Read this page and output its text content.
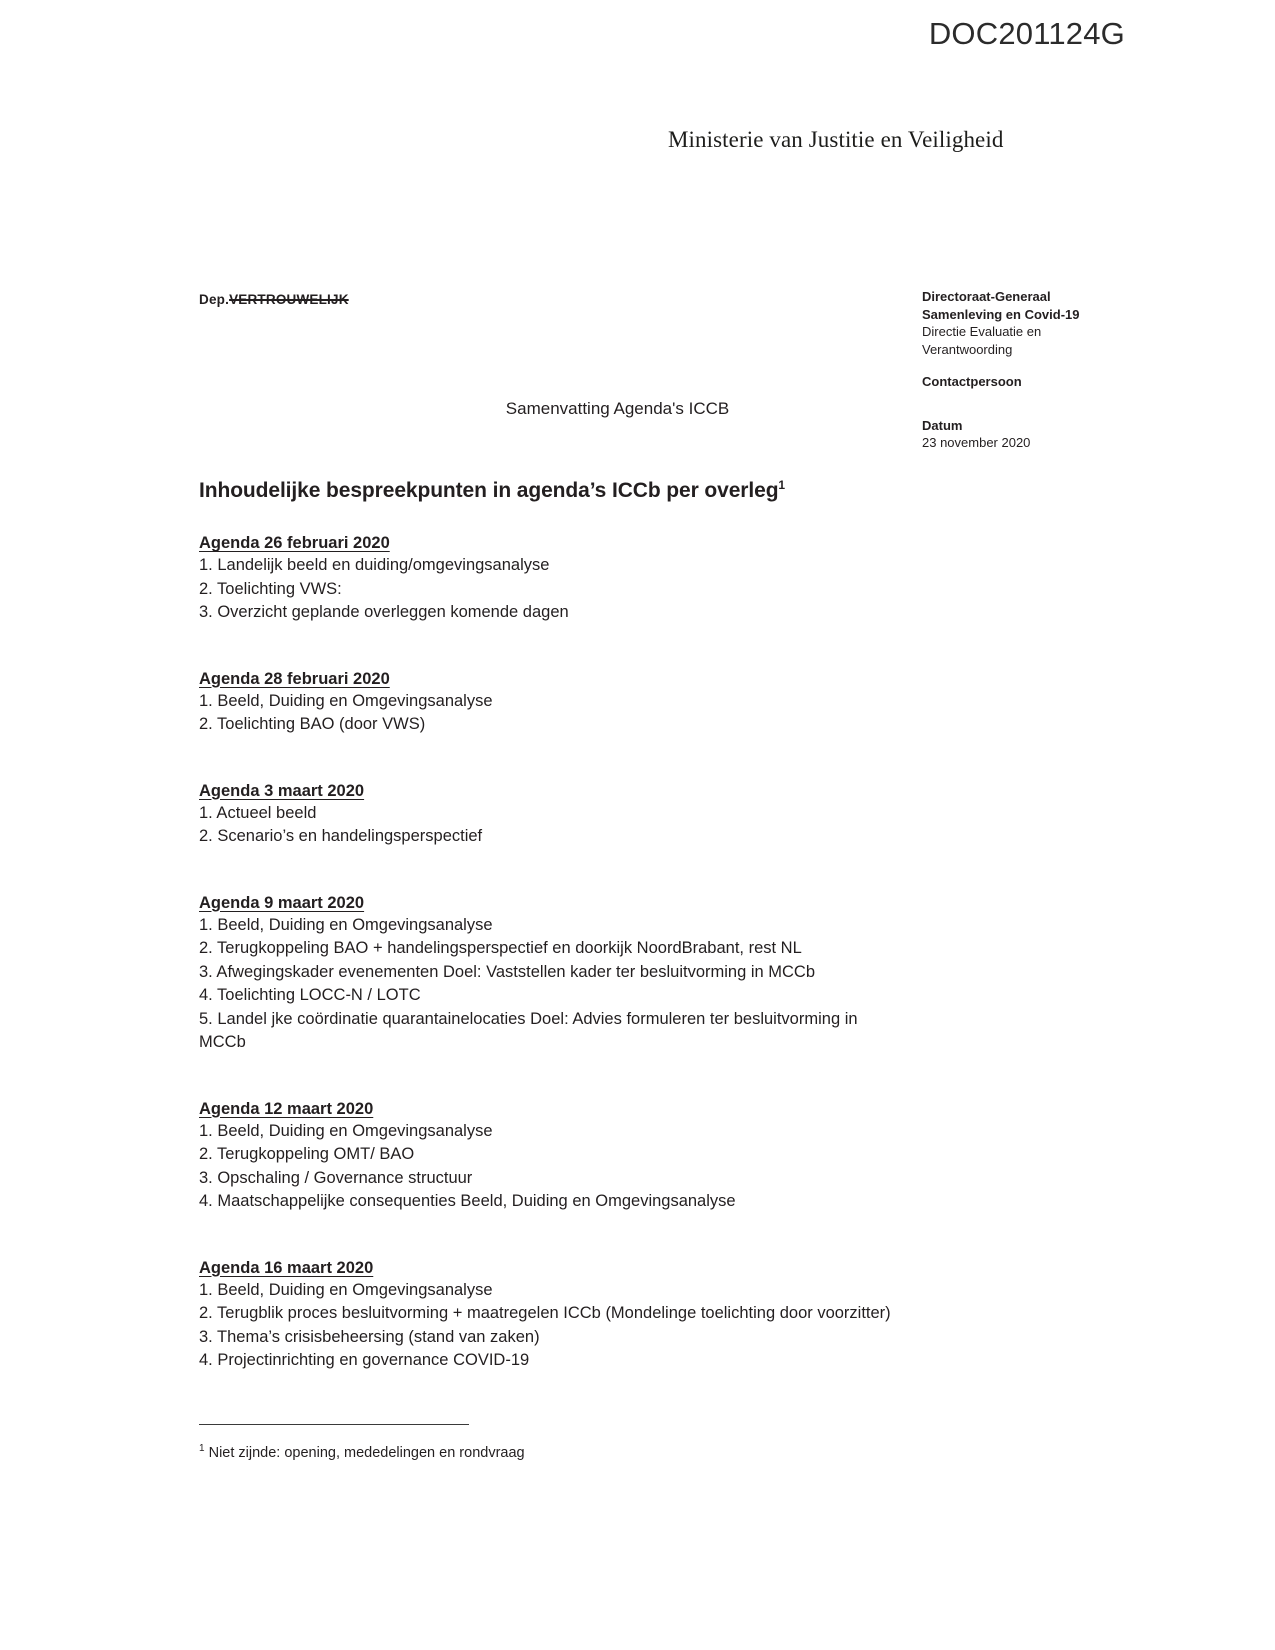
DOC201124G
Ministerie van Justitie en Veiligheid
Dep.VERTROUWELIJK	Directoraat-Generaal
Samenleving en Covid-19
Directie Evaluatie en
Verantwoording
Contactpersoon
Datum
23 november 2020
Samenvatting Agenda's ICCB
Inhoudelijke bespreekpunten in agenda’s ICCb per overleg$^1$
Agenda 26 februari 2020
1. Landelijk beeld en duiding/omgevingsanalyse
2. Toelichting VWS:
3. Overzicht geplande overleggen komende dagen
Agenda 28 februari 2020
1. Beeld, Duiding en Omgevingsanalyse
2. Toelichting BAO (door VWS)
Agenda 3 maart 2020
1. Actueel beeld
2. Scenario’s en handelingsperspectief
Agenda 9 maart 2020
1. Beeld, Duiding en Omgevingsanalyse
2. Terugkoppeling BAO + handelingsperspectief en doorkijk NoordBrabant, rest NL
3. Afwegingskader evenementen Doel: Vaststellen kader ter besluitvorming in MCCb
4. Toelichting LOCC-N / LOTC
5. Landel jke coördinatie quarantainelocaties Doel: Advies formuleren ter besluitvorming in MCCb
Agenda 12 maart 2020
1. Beeld, Duiding en Omgevingsanalyse
2. Terugkoppeling OMT/ BAO
3. Opschaling / Governance structuur
4. Maatschappelijke consequenties Beeld, Duiding en Omgevingsanalyse
Agenda 16 maart 2020
1. Beeld, Duiding en Omgevingsanalyse
2. Terugblik proces besluitvorming + maatregelen ICCb (Mondelinge toelichting door voorzitter)
3. Thema’s crisisbeheersing (stand van zaken)
4. Projectinrichting en governance COVID-19
$^1$ Niet zijnde: opening, mededelingen en rondvraag
